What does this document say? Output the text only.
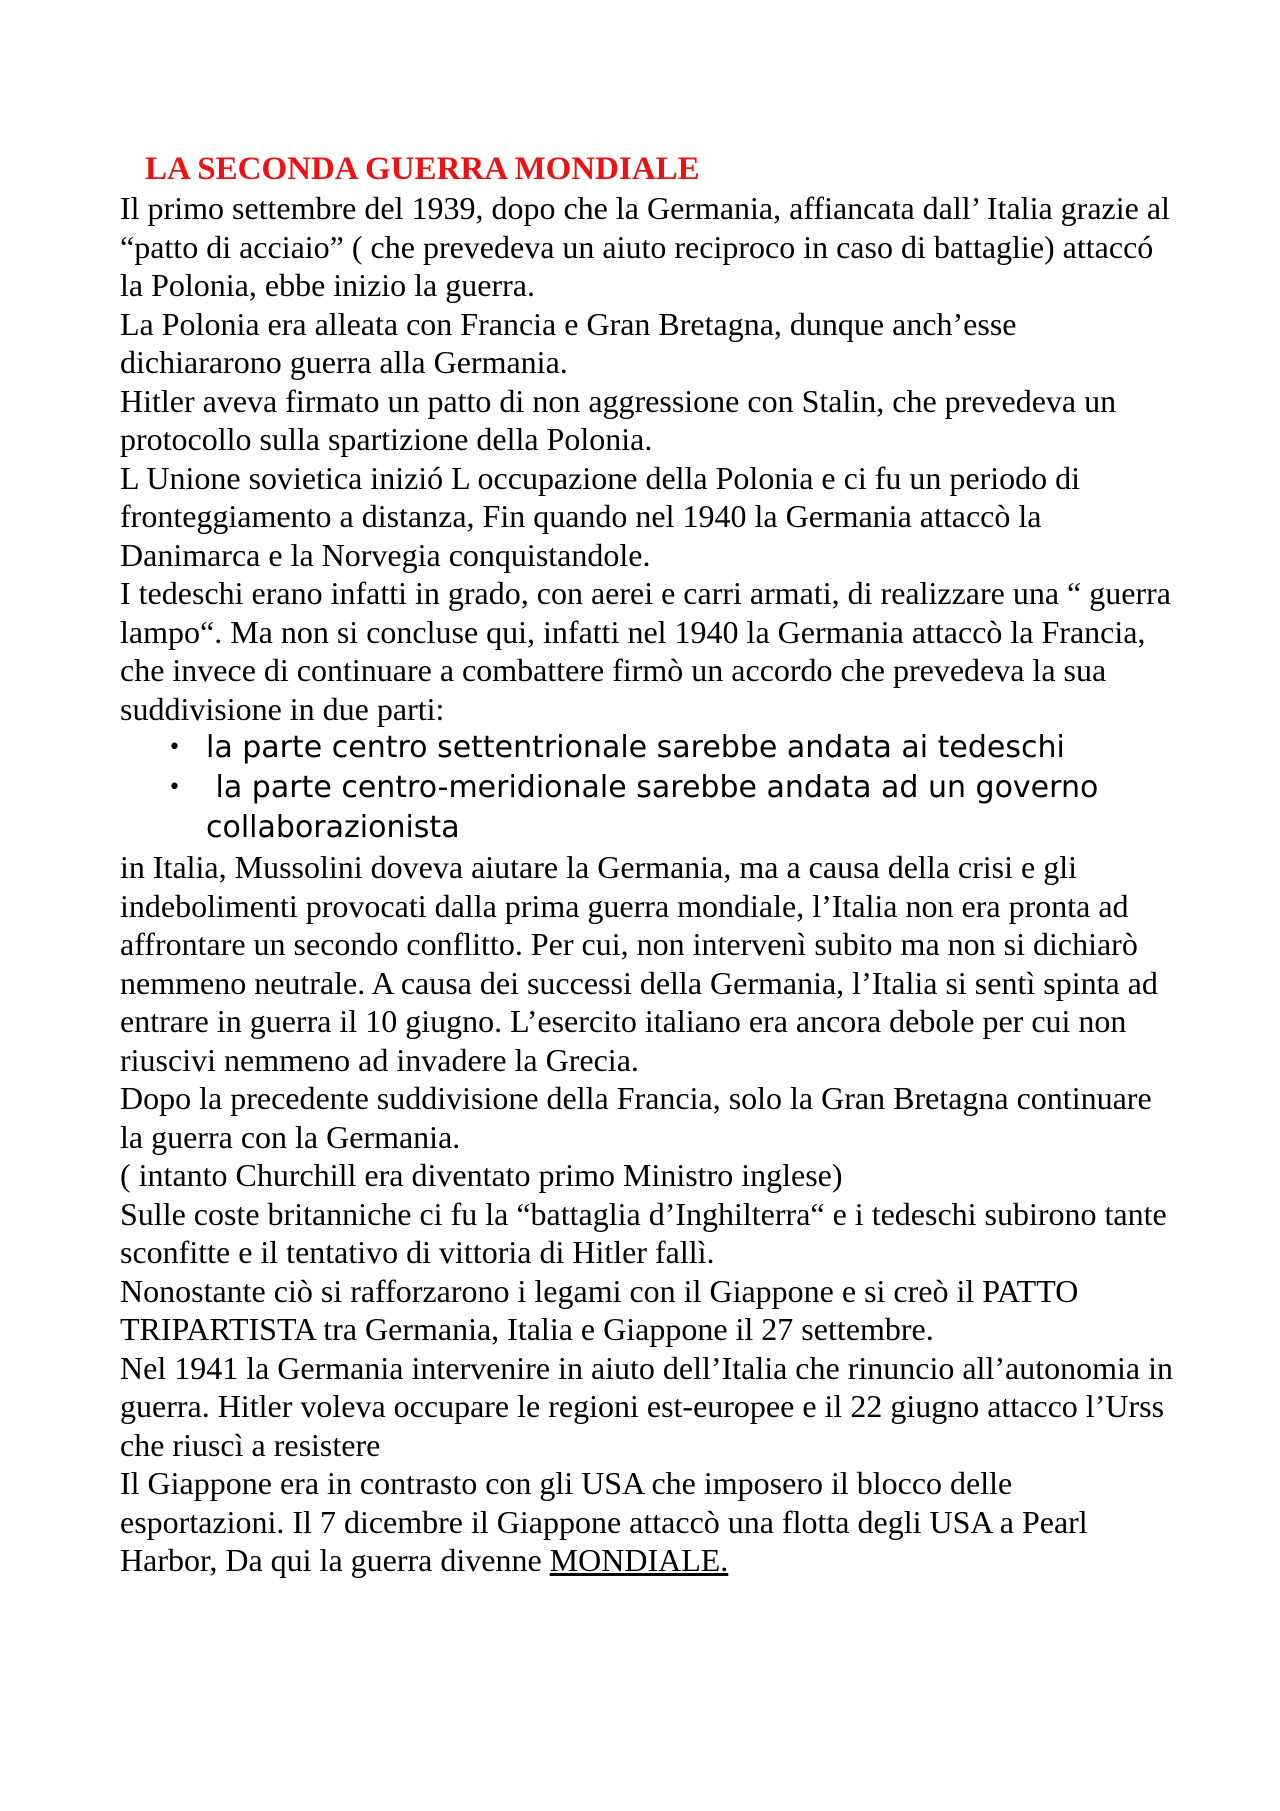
LA SECONDA GUERRA MONDIALE

Il primo settembre del 1939, dopo che la Germania, affiancata dall’ Italia grazie al “patto di acciaio” ( che prevedeva un aiuto reciproco in caso di battaglie) attaccó la Polonia, ebbe inizio la guerra.

La Polonia era alleata con Francia e Gran Bretagna, dunque anch’esse dichiararono guerra alla Germania.

Hitler aveva firmato un patto di non aggressione con Stalin, che prevedeva un protocollo sulla spartizione della Polonia.

L Unione sovietica inizió L occupazione della Polonia e ci fu un periodo di fronteggiamento a distanza, Fin quando nel 1940 la Germania attaccò la Danimarca e la Norvegia conquistandole.

I tedeschi erano infatti in grado, con aerei e carri armati, di realizzare una “ guerra lampo“. Ma non si concluse qui, infatti nel 1940 la Germania attaccò la Francia, che invece di continuare a combattere firmò un accordo che prevedeva la sua suddivisione in due parti:

• la parte centro settentrionale sarebbe andata ai tedeschi
• la parte centro-meridionale sarebbe andata ad un governo collaborazionista

in Italia, Mussolini doveva aiutare la Germania, ma a causa della crisi e gli indebolimenti provocati dalla prima guerra mondiale, l’Italia non era pronta ad affrontare un secondo conflitto. Per cui, non intervenì subito ma non si dichiarò nemmeno neutrale. A causa dei successi della Germania, l’Italia si sentì spinta ad entrare in guerra il 10 giugno. L’esercito italiano era ancora debole per cui non riuscivi nemmeno ad invadere la Grecia.

Dopo la precedente suddivisione della Francia, solo la Gran Bretagna continuare la guerra con la Germania.

( intanto Churchill era diventato primo Ministro inglese)

Sulle coste britanniche ci fu la “battaglia d’Inghilterra“ e i tedeschi subirono tante sconfitte e il tentativo di vittoria di Hitler fallì.

Nonostante ciò si rafforzarono i legami con il Giappone e si creò il PATTO TRIPARTISTA tra Germania, Italia e Giappone il 27 settembre.

Nel 1941 la Germania intervenire in aiuto dell’Italia che rinuncio all’autonomia in guerra. Hitler voleva occupare le regioni est-europee e il 22 giugno attacco l’Urss che riuscì a resistere

Il Giappone era in contrasto con gli USA che imposero il blocco delle esportazioni. Il 7 dicembre il Giappone attaccò una flotta degli USA a Pearl Harbor, Da qui la guerra divenne MONDIALE.
